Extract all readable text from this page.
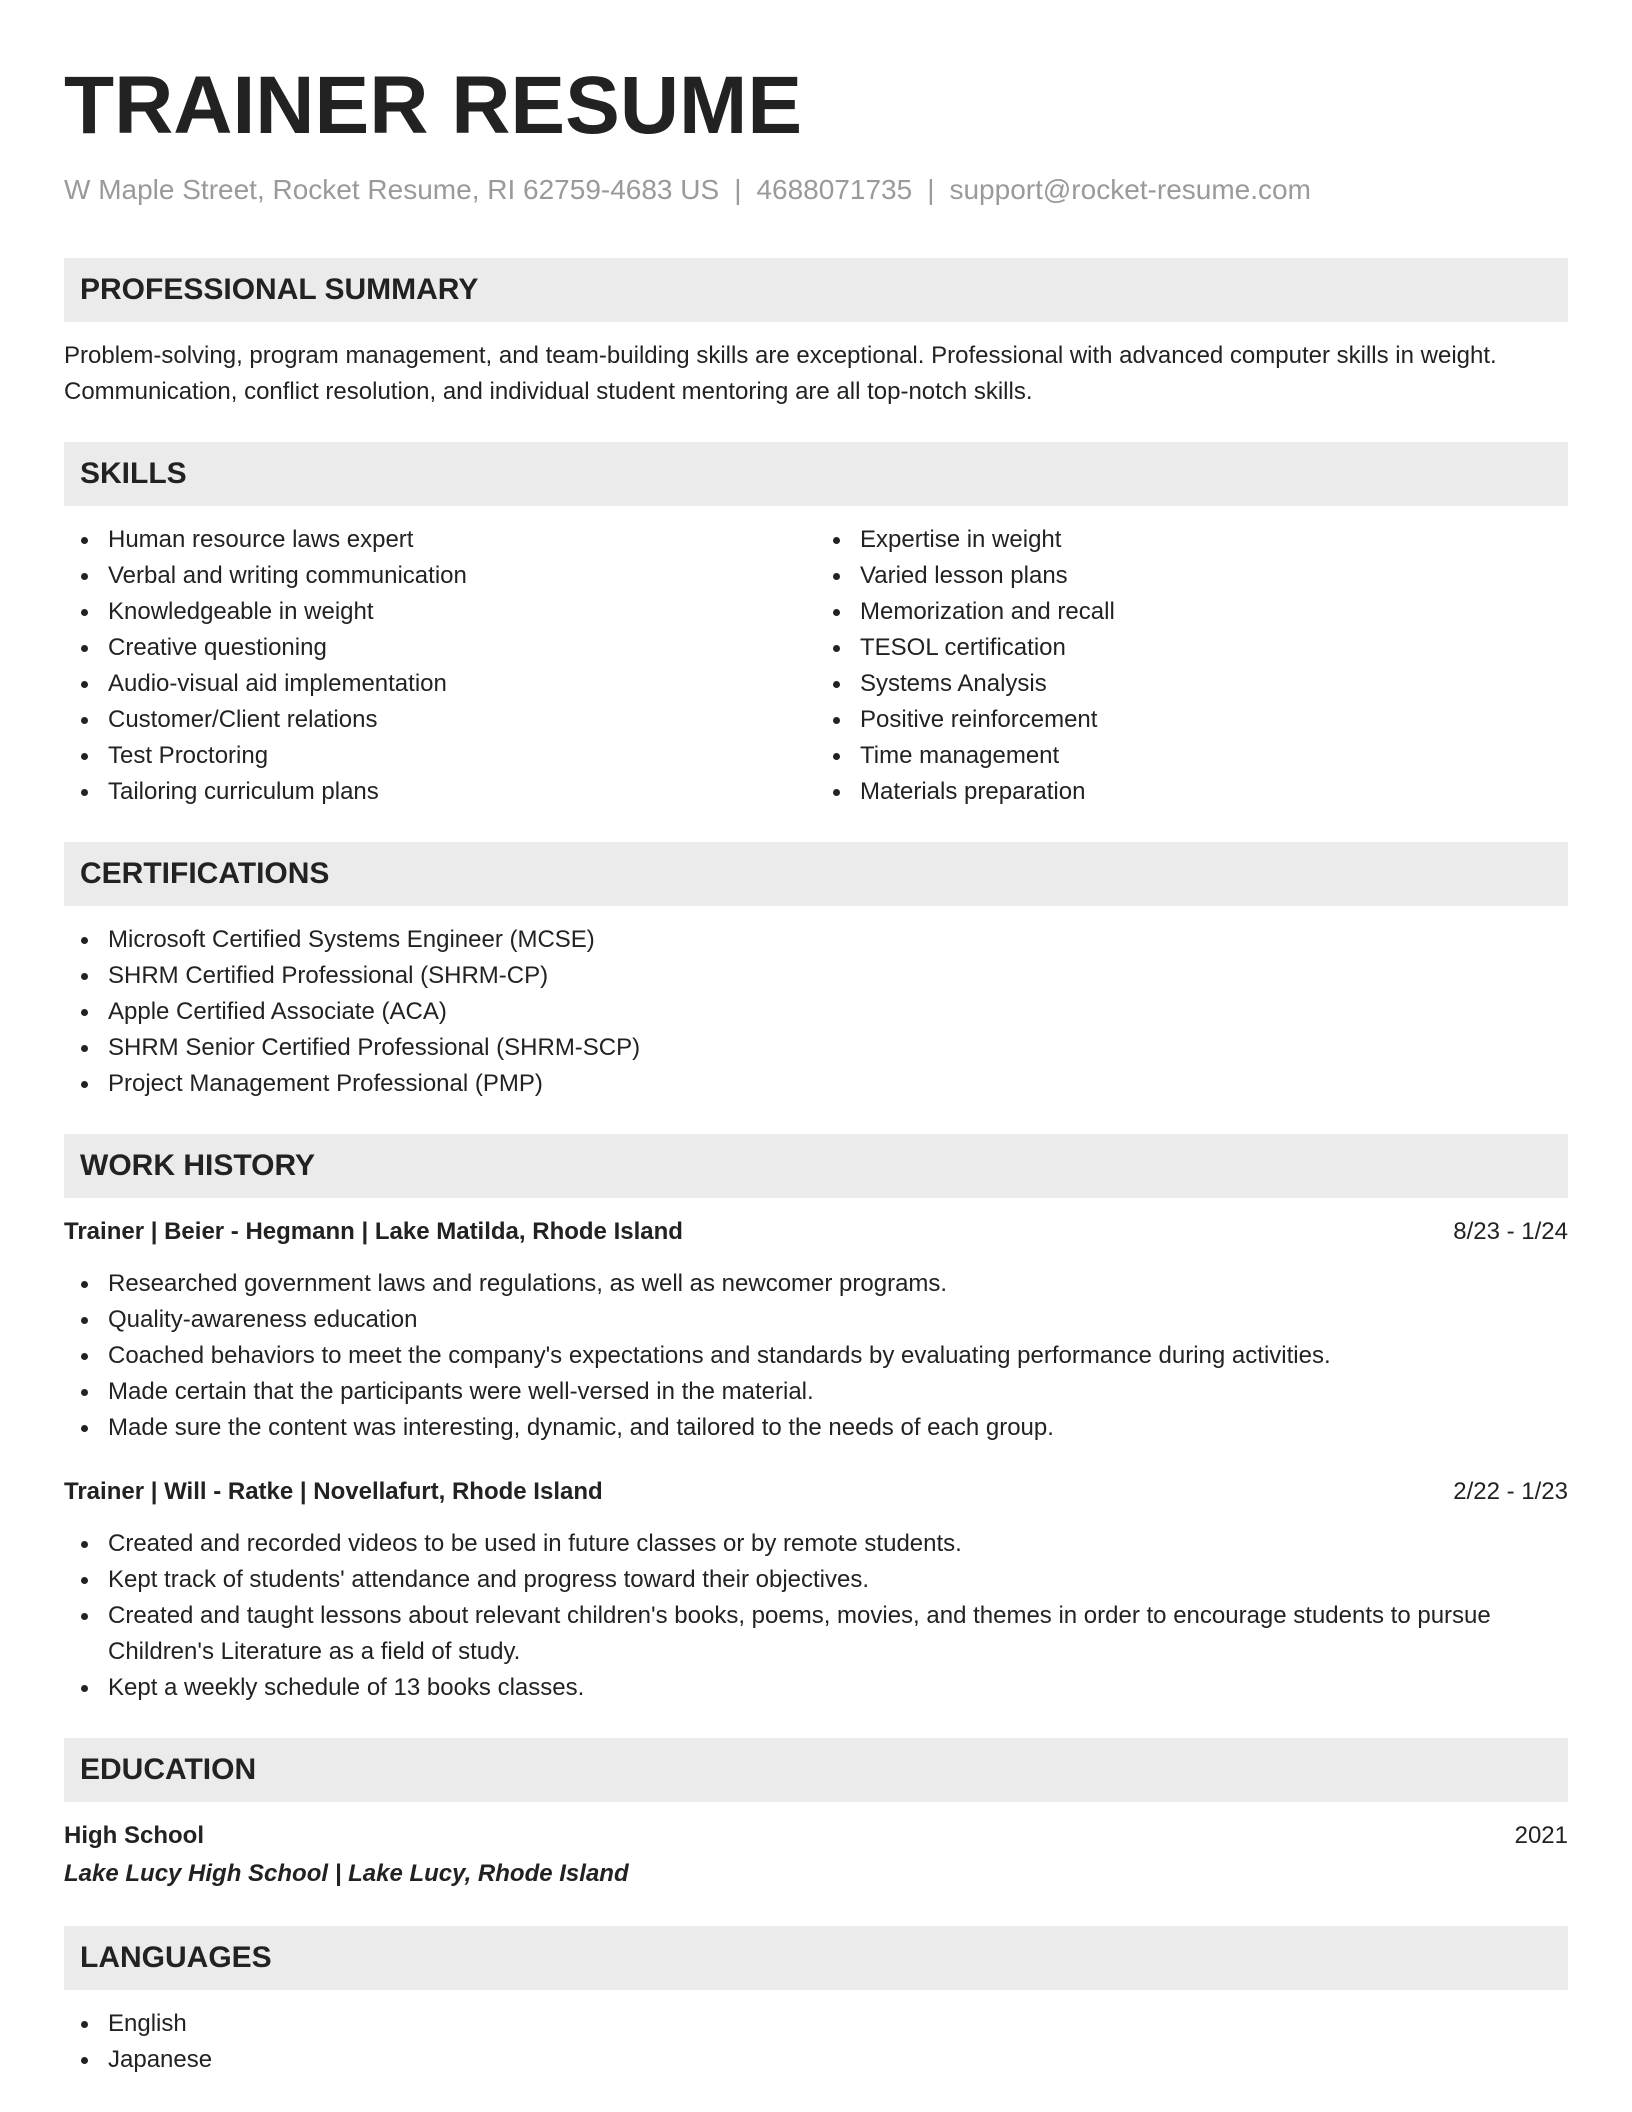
TRAINER RESUME
W Maple Street, Rocket Resume, RI 62759-4683 US | 4688071735 | support@rocket-resume.com
PROFESSIONAL SUMMARY

Problem-solving, program management, and team-building skills are exceptional. Professional with advanced computer skills in weight. Communication, conflict resolution, and individual student mentoring are all top-notch skills.

SKILLS
Human resource laws expert
Verbal and writing communication
Knowledgeable in weight
Creative questioning
Audio-visual aid implementation
Customer/Client relations
Test Proctoring
Tailoring curriculum plans
Expertise in weight
Varied lesson plans
Memorization and recall
TESOL certification
Systems Analysis
Positive reinforcement
Time management
Materials preparation
CERTIFICATIONS
Microsoft Certified Systems Engineer (MCSE)
SHRM Certified Professional (SHRM-CP)
Apple Certified Associate (ACA)
SHRM Senior Certified Professional (SHRM-SCP)
Project Management Professional (PMP)
WORK HISTORY
Trainer | Beier - Hegmann | Lake Matilda, Rhode Island	8/23 - 1/24
Researched government laws and regulations, as well as newcomer programs.
Quality-awareness education
Coached behaviors to meet the company's expectations and standards by evaluating performance during activities.
Made certain that the participants were well-versed in the material.
Made sure the content was interesting, dynamic, and tailored to the needs of each group.
Trainer | Will - Ratke | Novellafurt, Rhode Island	2/22 - 1/23
Created and recorded videos to be used in future classes or by remote students.
Kept track of students' attendance and progress toward their objectives.
Created and taught lessons about relevant children's books, poems, movies, and themes in order to encourage students to pursue Children's Literature as a field of study.
Kept a weekly schedule of 13 books classes.
EDUCATION
High School	2021
Lake Lucy High School | Lake Lucy, Rhode Island
LANGUAGES
English
Japanese
